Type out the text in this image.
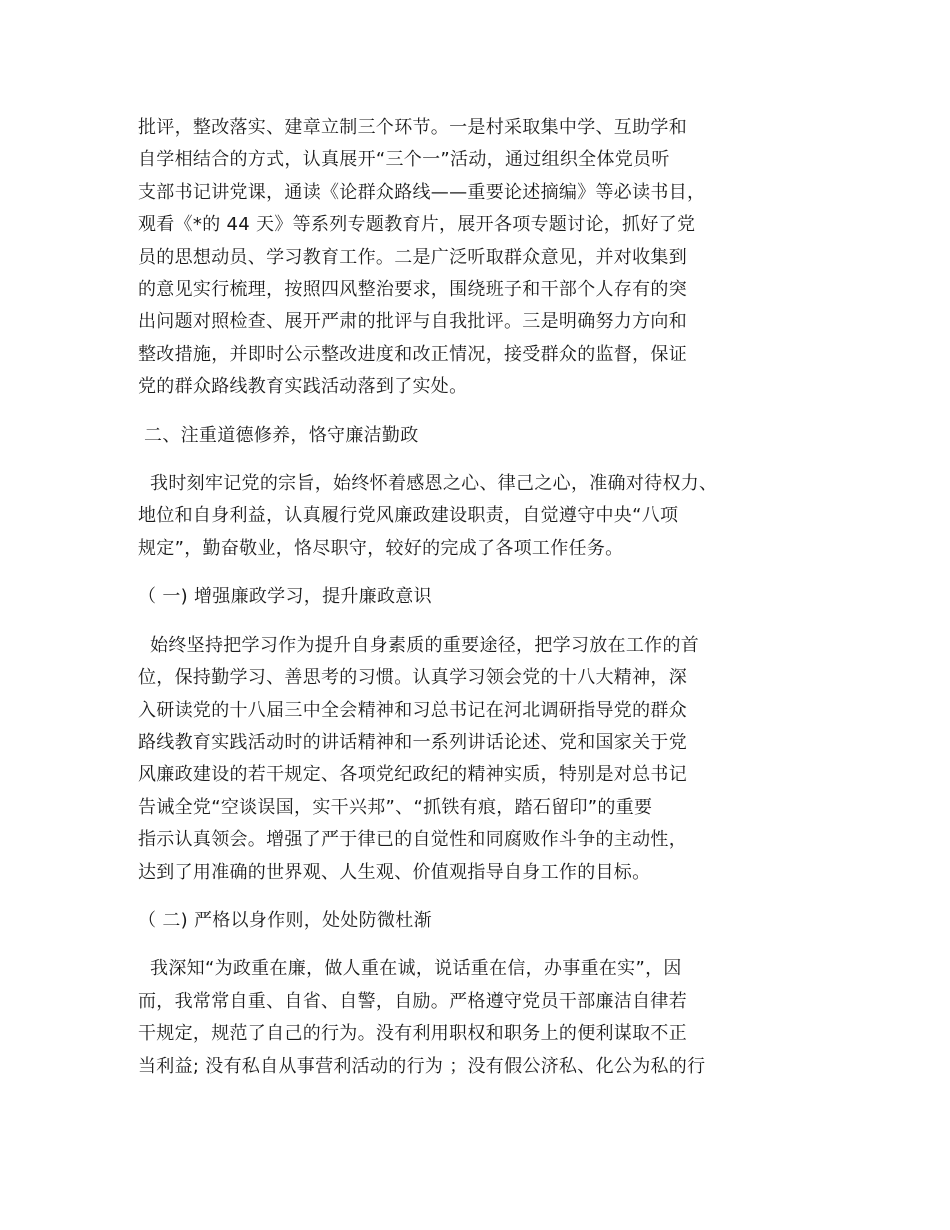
批评，整改落实、建章立制三个环节。一是村采取集中学、互助学和
自学相结合的方式，认真展开“三个一”活动，通过组织全体党员听
支部书记讲党课，通读《论群众路线——重要论述摘编》等必读书目，
观看《*的 44 天》等系列专题教育片，展开各项专题讨论，抓好了党
员的思想动员、学习教育工作。二是广泛听取群众意见，并对收集到
的意见实行梳理，按照四风整治要求，围绕班子和干部个人存有的突
出问题对照检查、展开严肃的批评与自我批评。三是明确努力方向和
整改措施，并即时公示整改进度和改正情况，接受群众的监督，保证
党的群众路线教育实践活动落到了实处。
二、注重道德修养，恪守廉洁勤政
我时刻牢记党的宗旨，始终怀着感恩之心、律己之心，准确对待权力、
地位和自身利益，认真履行党风廉政建设职责，自觉遵守中央“八项
规定”，勤奋敬业，恪尽职守，较好的完成了各项工作任务。
（ 一) 增强廉政学习，提升廉政意识
始终坚持把学习作为提升自身素质的重要途径，把学习放在工作的首
位，保持勤学习、善思考的习惯。认真学习领会党的十八大精神，深
入研读党的十八届三中全会精神和习总书记在河北调研指导党的群众
路线教育实践活动时的讲话精神和一系列讲话论述、党和国家关于党
风廉政建设的若干规定、各项党纪政纪的精神实质，特别是对总书记
告诫全党“空谈误国，实干兴邦”、“抓铁有痕，踏石留印”的重要
指示认真领会。增强了严于律已的自觉性和同腐败作斗争的主动性，
达到了用准确的世界观、人生观、价值观指导自身工作的目标。
（ 二) 严格以身作则，处处防微杜渐
我深知“为政重在廉，做人重在诚，说话重在信，办事重在实”，因
而，我常常自重、自省、自警，自励。严格遵守党员干部廉洁自律若
干规定，规范了自己的行为。没有利用职权和职务上的便利谋取不正
当利益; 没有私自从事营利活动的行为 ；没有假公济私、化公为私的行
